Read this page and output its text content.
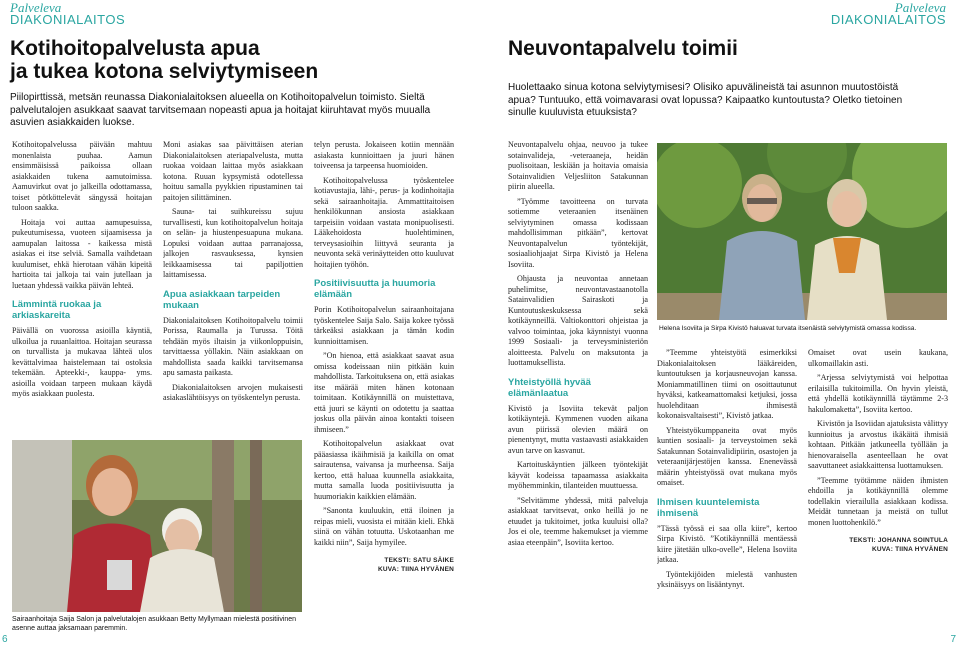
Palveleva
DIAKONIALAITOS
Palveleva
DIAKONIALAITOS
Kotihoitopalvelusta apua
ja tukea kotona selviytymiseen
Piilopirttissä, metsän reunassa Diakonialaitoksen alueella on Kotihoitopalvelun toimisto. Sieltä palvelutalojen asukkaat saavat tarvitsemaan nopeasti apua ja hoitajat kiiruhtavat myös muualla asuvien asiakkaiden luokse.
Neuvontapalvelu toimii
Huolettaako sinua kotona selviytymisesi? Olisiko apuvälineistä tai asunnon muutostöistä apua? Tuntuuko, että voimavarasi ovat lopussa? Kaipaatko kuntoutusta? Oletko tietoinen sinulle kuuluvista etuuksista?

Kotihoitopalvelussa päivään mahtuu monenlaista puuhaa. Aamun ensimmäisissä paikoissa ollaan asiakkaiden tukena aamutoimissa. Aamuvirkut ovat jo jalkeilla odottamassa, toiset pötköttelevät sängyssä hoitajan tuloon saakka.

Hoitaja voi auttaa aamupesuissa, pukeutumisessa, vuoteen sijaamisessa ja aamupalan laitossa - kaikessa mistä asiakas ei itse selviä. Samalla vaihdetaan kuulumiset, ehkä hierotaan vähän kipeitä hartioita tai jalkoja tai vain jutellaan ja luetaan yhdessä vaikka päivän lehteä.

Lämmintä ruokaa ja arkiaskareita

Päivällä on vuorossa asioilla käyntiä, ulkoilua ja ruuanlaittoa. Hoitajan seurassa on turvallista ja mukavaa lähteä ulos kevättalvimaa haistelemaan tai ostoksia tekemään. Apteekki-, kauppa- yms. asioilla voidaan tarpeen mukaan käydä myös asiakkaan puolesta.

Moni asiakas saa päivittäisen aterian Diakonialaitoksen ateriapalvelusta, mutta ruokaa voidaan laittaa myös asiakkaan kotona. Ruuan kypsymistä odotellessa hoituu samalla pyykkien ripustaminen tai paitojen silittäminen.

Sauna- tai suihkureissu sujuu turvallisesti, kun kotihoitopalvelun hoitaja on selän- ja hiustenpesuapuna mukana. Lopuksi voidaan auttaa parranajossa, jalkojen rasvauksessa, kynsien leikkaamisessa tai papiljottien laittamisessa.

Apua asiakkaan tarpeiden mukaan

Diakonialaitoksen Kotihoitopalvelu toimii Porissa, Raumalla ja Turussa. Töitä tehdään myös iltaisin ja viikonloppuisin, tarvittaessa yöllakin. Näin asiakkaan on mahdollista saada kaikki tarvitsemansa apu samasta paikasta.

Diakonialaitoksen arvojen mukaisesti asiakaslähtöisyys on työskentelyn perusta.

telyn perusta. Jokaiseen kotiin mennään asiakasta kunnioittaen ja juuri hänen toiveensa ja tarpeensa huomioiden.

Kotihoitopalvelussa työskentelee kotiavustajia, lähi-, perus- ja kodinhoitajia sekä sairaanhoitajia. Ammattitaitoisen henkilökunnan ansiosta asiakkaan tarpeisiin voidaan vastata monipuolisesti. Lääkehoidosta huolehtiminen, terveysasioihin liittyvä seuranta ja neuvonta sekä verinäytteiden otto kuuluvat hoitajien työhön.

Positiivisuutta ja huumoria elämään

Porin Kotihoitopalvelun sairaanhoitajana työskentelee Saija Salo. Saija kokee työssä tärkeäksi asiakkaan ja tämän kodin kunnioittamisen.

”On hienoa, että asiakkaat saavat asua omissa kodeissaan niin pitkään kuin mahdollista. Tarkoituksena on, että asiakas itse määrää miten hänen kotonaan toimitaan. Kotikäynnillä on muistettava, että juuri se käynti on odotettu ja saattaa joskus olla päivän ainoa kontakti toiseen ihmiseen.”

Kotihoitopalvelun asiakkaat ovat pääasiassa ikäihmisiä ja kaikilla on omat sairautensa, vaivansa ja murheensa. Saija kertoo, että haluaa kuunnella asiakkaita, mutta samalla luoda positiivisuutta ja huumoriakin kaikkien elämään.

”Sanonta kuuluukin, että iloinen ja reipas mieli, vuosista ei mitään kieli. Ehkä siinä on vähän totuutta. Uskotaanhan me kaikki niin”, Saija hymyilee.

TEKSTI: SATU SÄIKE
KUVA: TIINA HYVÄNEN
Sairaanhoitaja Saija Salon ja palvelutalojen asukkaan Betty Myllymaan mielestä positiivinen asenne auttaa jaksamaan paremmin.
6

Neuvontapalvelu ohjaa, neuvoo ja tukee sotainvalideja, -veteraaneja, heidän puolisoitaan, leskiään ja hoitavia omaisia Sotainvalidien Veljesliiton Satakunnan piirin alueella.

”Työmme tavoitteena on turvata sotiemme veteraanien itsenäinen selviytyminen omassa kodissaan mahdollisimman pitkään”, kertovat Neuvontapalvelun työntekijät, sosiaaliohjaajat Sirpa Kivistö ja Helena Isoviita.

Ohjausta ja neuvontaa annetaan puhelimitse, neuvontavastaanotolla Satainvalidien Sairaskoti ja Kuntoutuskeskuksessa sekä kotikäynneillä. Valtiokonttori ohjeistaa ja valvoo toimintaa, joka käynnistyi vuonna 1999 Sosiaali- ja terveysministeriön aloitteesta. Palvelu on maksutonta ja luottamuksellista.

Yhteistyöllä hyvää elämänlaatua

Kivistö ja Isoviita tekevät paljon kotikäyntejä. Kymmenen vuoden aikana avun piirissä olevien määrä on pienentynyt, mutta vastaavasti asiakkaiden avun tarve on kasvanut.

Kartoituskäyntien jälkeen työntekijät käyvät kodeissa tapaamassa asiakkaita myöhemminkin, tilanteiden muuttuessa.

”Selvitämme yhdessä, mitä palveluja asiakkaat tarvitsevat, onko heillä jo ne etuudet ja tukitoimet, jotka kuuluisi olla? Jos ei ole, teemme hakemukset ja viemme asiaa eteenpäin”, Isoviita kertoo.

Helena Isoviita ja Sirpa Kivistö haluavat turvata itsenäistä selviytymistä omassa kodissa.

”Teemme yhteistyötä esimerkiksi Diakonialaitoksen lääkäreiden, kuntoutuksen ja korjausneuvojan kanssa. Moniammatillinen tiimi on osoittautunut hyväksi, katkeamattomaksi ketjuksi, jossa huolehditaan ihmisestä kokonaisvaltaisesti”, Kivistö jatkaa.

Yhteistyökumppaneita ovat myös kuntien sosiaali- ja terveystoimen sekä Satakunnan Sotainvalidipiirin, osastojen ja veteraanijärjestöjen kanssa. Enenevässä määrin yhteistyössä ovat mukana myös omaiset.

Ihmisen kuuntelemista ihmisenä

”Tässä työssä ei saa olla kiire”, kertoo Sirpa Kivistö. ”Kotikäynnillä mentäessä kiire jätetään ulko-ovelle”, Helena Isoviita jatkaa.

Työntekijöiden mielestä vanhusten yksinäisyys on lisääntynyt.

Omaiset ovat usein kaukana, ulkomaillakin asti.

”Arjessa selviytymistä voi helpottaa erilaisilla tukitoimilla. On hyvin yleistä, että yhdellä kotikäynnillä täytämme 2-3 hakulomaketta”, Isoviita kertoo.

Kivistön ja Isoviidan ajatuksista välittyy kunnioitus ja arvostus ikäkäitä ihmisiä kohtaan. Pitkään jatkuneella työllään ja hienovaraisella asenteellaan he ovat saavuttaneet asiakkaittensa luottamuksen.

”Teemme työtämme näiden ihmisten ehdoilla ja kotikäynnillä olemme todellakin vierailulla asiakkaan kodissa. Meidät tunnetaan ja meistä on tullut monen luottohenkilö.”

TEKSTI: JOHANNA SOINTULA
KUVA: TIINA HYVÄNEN
7
